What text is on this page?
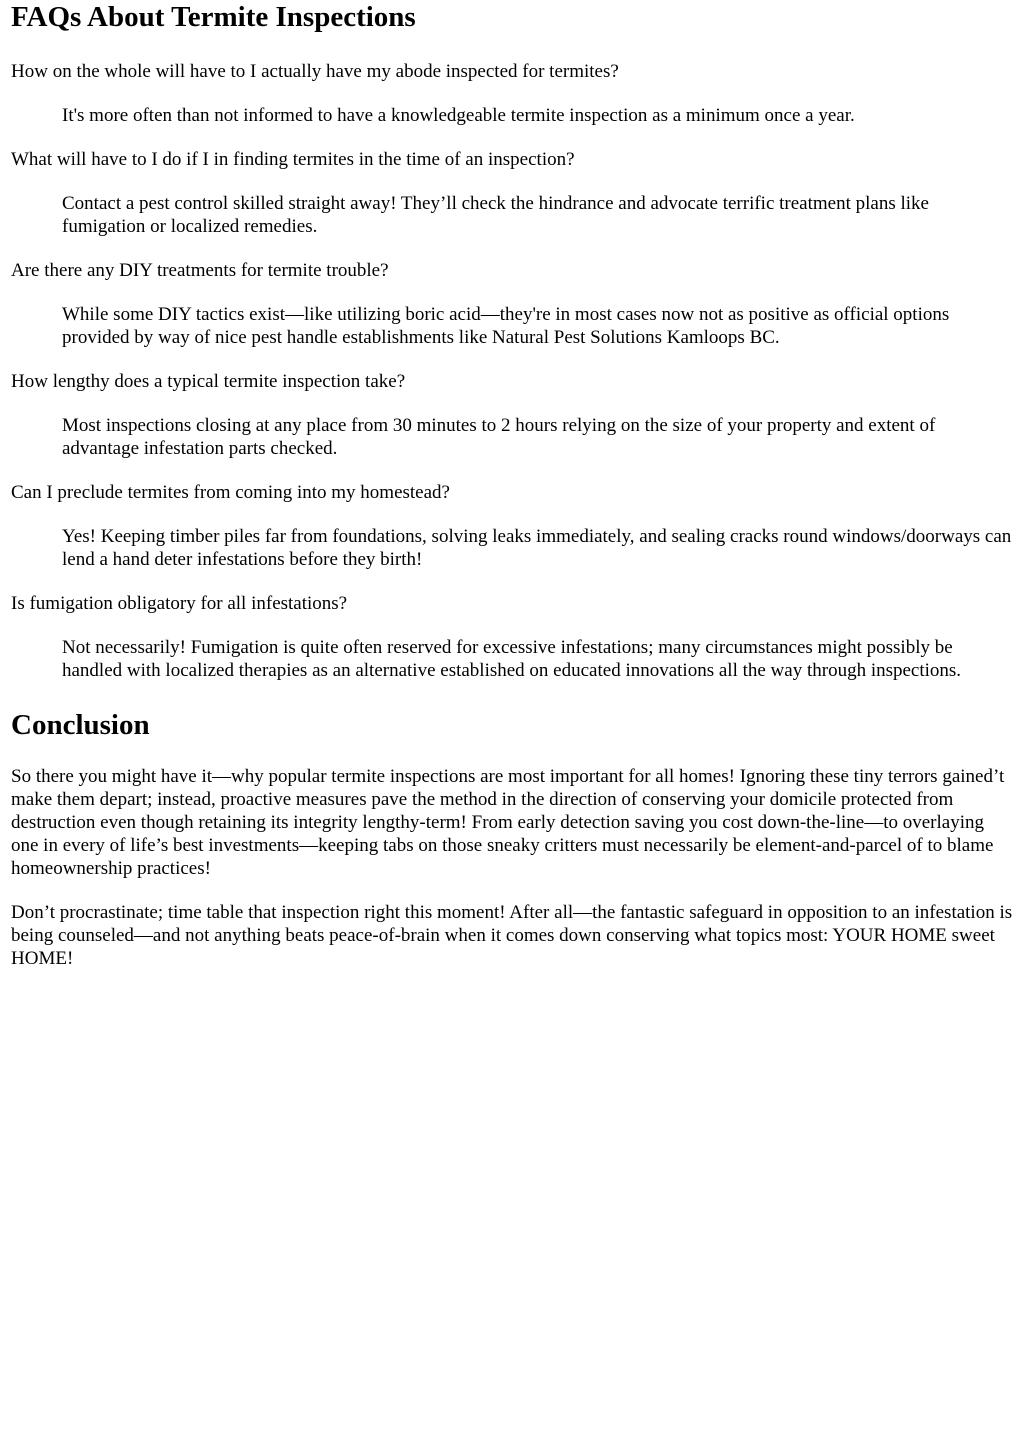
FAQs About Termite Inspections

How on the whole will have to I actually have my abode inspected for termites?

It's more often than not informed to have a knowledgeable termite inspection as a minimum once a year.

What will have to I do if I in finding termites in the time of an inspection?

Contact a pest control skilled straight away! They’ll check the hindrance and advocate terrific treatment plans like fumigation or localized remedies.

Are there any DIY treatments for termite trouble?

While some DIY tactics exist—like utilizing boric acid—they're in most cases now not as positive as official options provided by way of nice pest handle establishments like Natural Pest Solutions Kamloops BC.

How lengthy does a typical termite inspection take?

Most inspections closing at any place from 30 minutes to 2 hours relying on the size of your property and extent of advantage infestation parts checked.

Can I preclude termites from coming into my homestead?

Yes! Keeping timber piles far from foundations, solving leaks immediately, and sealing cracks round windows/doorways can lend a hand deter infestations before they birth!

Is fumigation obligatory for all infestations?

Not necessarily! Fumigation is quite often reserved for excessive infestations; many circumstances might possibly be handled with localized therapies as an alternative established on educated innovations all the way through inspections.

Conclusion

So there you might have it—why popular termite inspections are most important for all homes! Ignoring these tiny terrors gained’t make them depart; instead, proactive measures pave the method in the direction of conserving your domicile protected from destruction even though retaining its integrity lengthy-term! From early detection saving you cost down-the-line—to overlaying one in every of life’s best investments—keeping tabs on those sneaky critters must necessarily be element-and-parcel of to blame homeownership practices!

Don’t procrastinate; time table that inspection right this moment! After all—the fantastic safeguard in opposition to an infestation is being counseled—and not anything beats peace-of-brain when it comes down conserving what topics most: YOUR HOME sweet HOME!
